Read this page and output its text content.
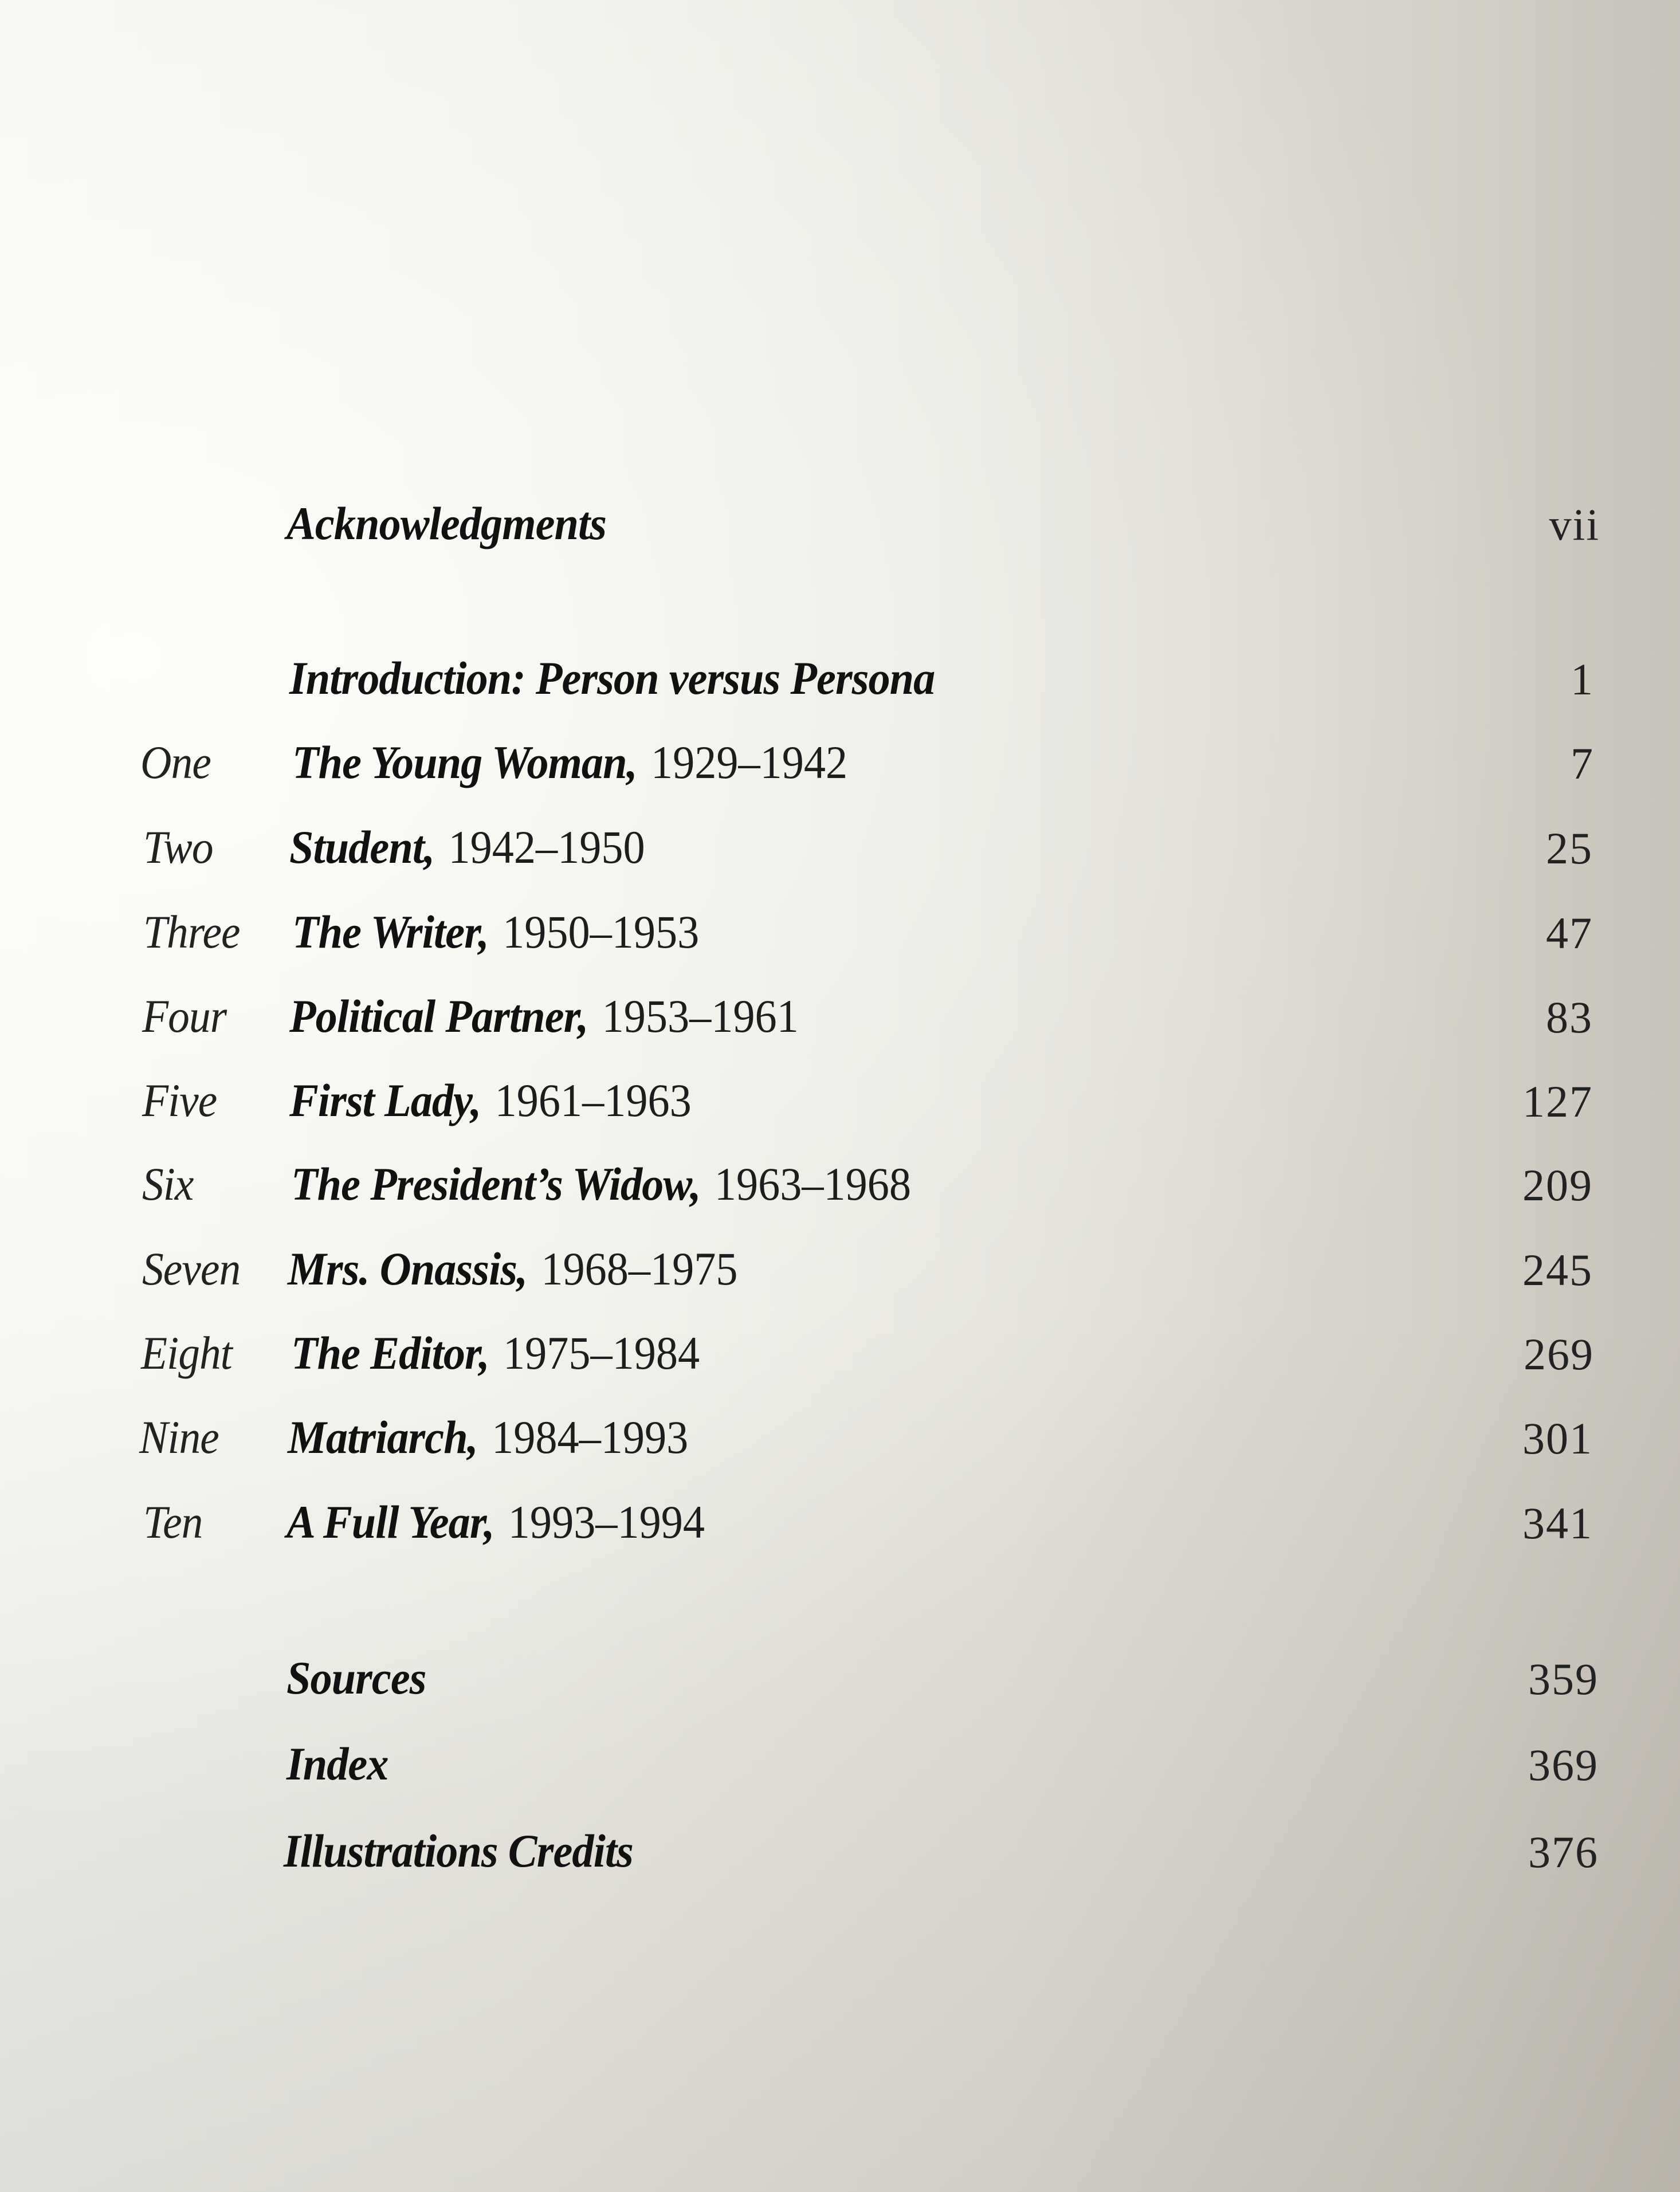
Acknowledgments	vii
Introduction: Person versus Persona	1
One The Young Woman, 1929–1942	7
Two Student, 1942–1950	25
Three The Writer, 1950–1953	47
Four Political Partner, 1953–1961	83
Five First Lady, 1961–1963	127
Six The President’s Widow, 1963–1968	209
Seven Mrs. Onassis, 1968–1975	245
Eight The Editor, 1975–1984	269
Nine Matriarch, 1984–1993	301
Ten A Full Year, 1993–1994	341
Sources	359
Index	369
Illustrations Credits	376
